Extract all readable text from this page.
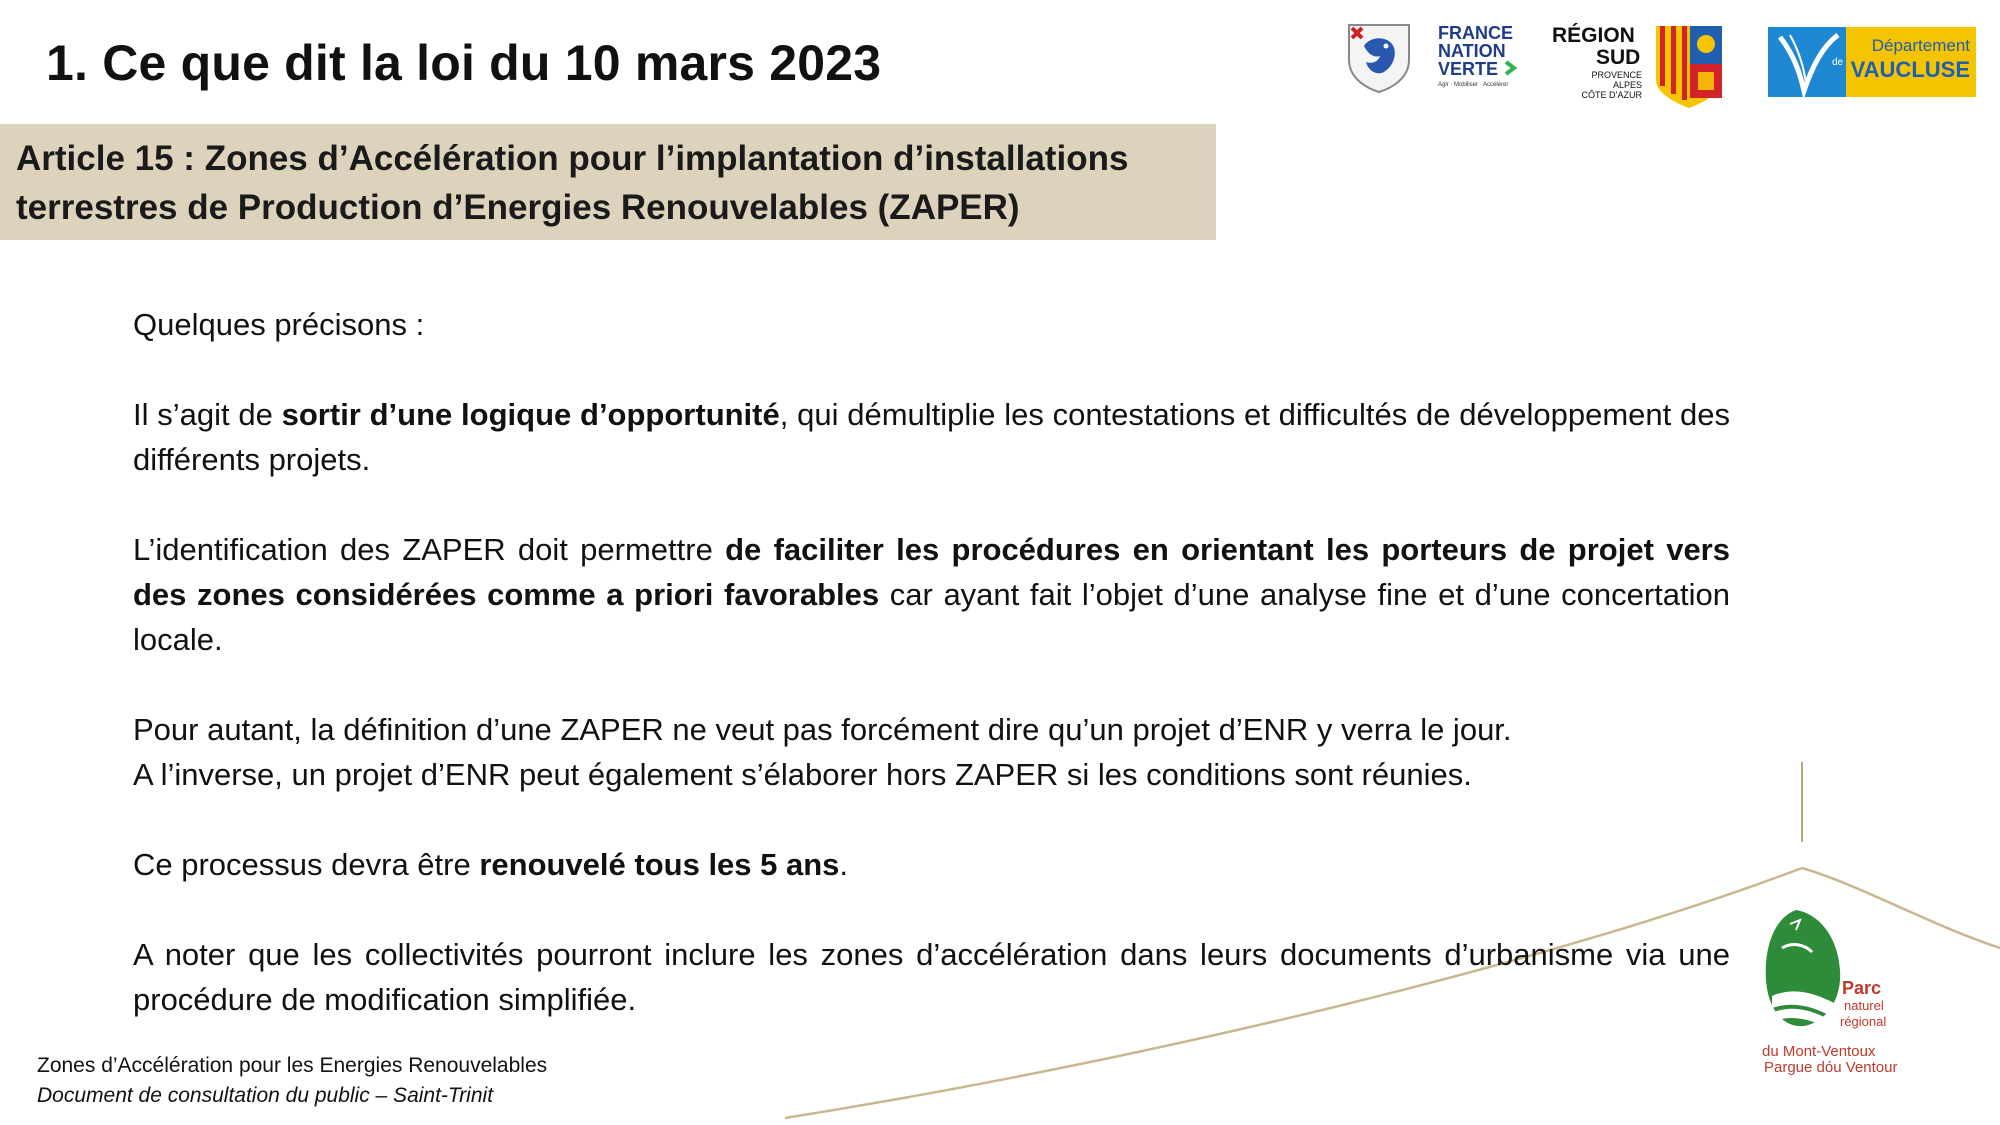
1. Ce que dit la loi du 10 mars 2023

Article 15 : Zones d’Accélération pour l’implantation d’installations

terrestres de Production d’Energies Renouvelables (ZAPER)

Quelques précisons :

Il s’agit de sortir d’une logique d’opportunité, qui démultiplie les contestations et difficultés de développement des différents projets.

L’identification des ZAPER doit permettre de faciliter les procédures en orientant les porteurs de projet vers des zones considérées comme a priori favorables car ayant fait l’objet d’une analyse fine et d’une concertation locale.

Pour autant, la définition d’une ZAPER ne veut pas forcément dire qu’un projet d’ENR y verra le jour.

A l’inverse, un projet d’ENR peut également s’élaborer hors ZAPER si les conditions sont réunies.

Ce processus devra être renouvelé tous les 5 ans.

A noter que les collectivités pourront inclure les zones d’accélération dans leurs documents d’urbanisme via une procédure de modification simplifiée.

Zones d’Accélération pour les Energies Renouvelables
Document de consultation du public – Saint-Trinit
FRANCE
NATION
VERTE
Agir · Mobiliser · Accélérer
RÉGION
SUD
PROVENCE
ALPES
CÔTE D’AZUR
de
Département
VAUCLUSE
Parc
naturel
régional
du Mont-Ventoux
Pargue dóu Ventour
